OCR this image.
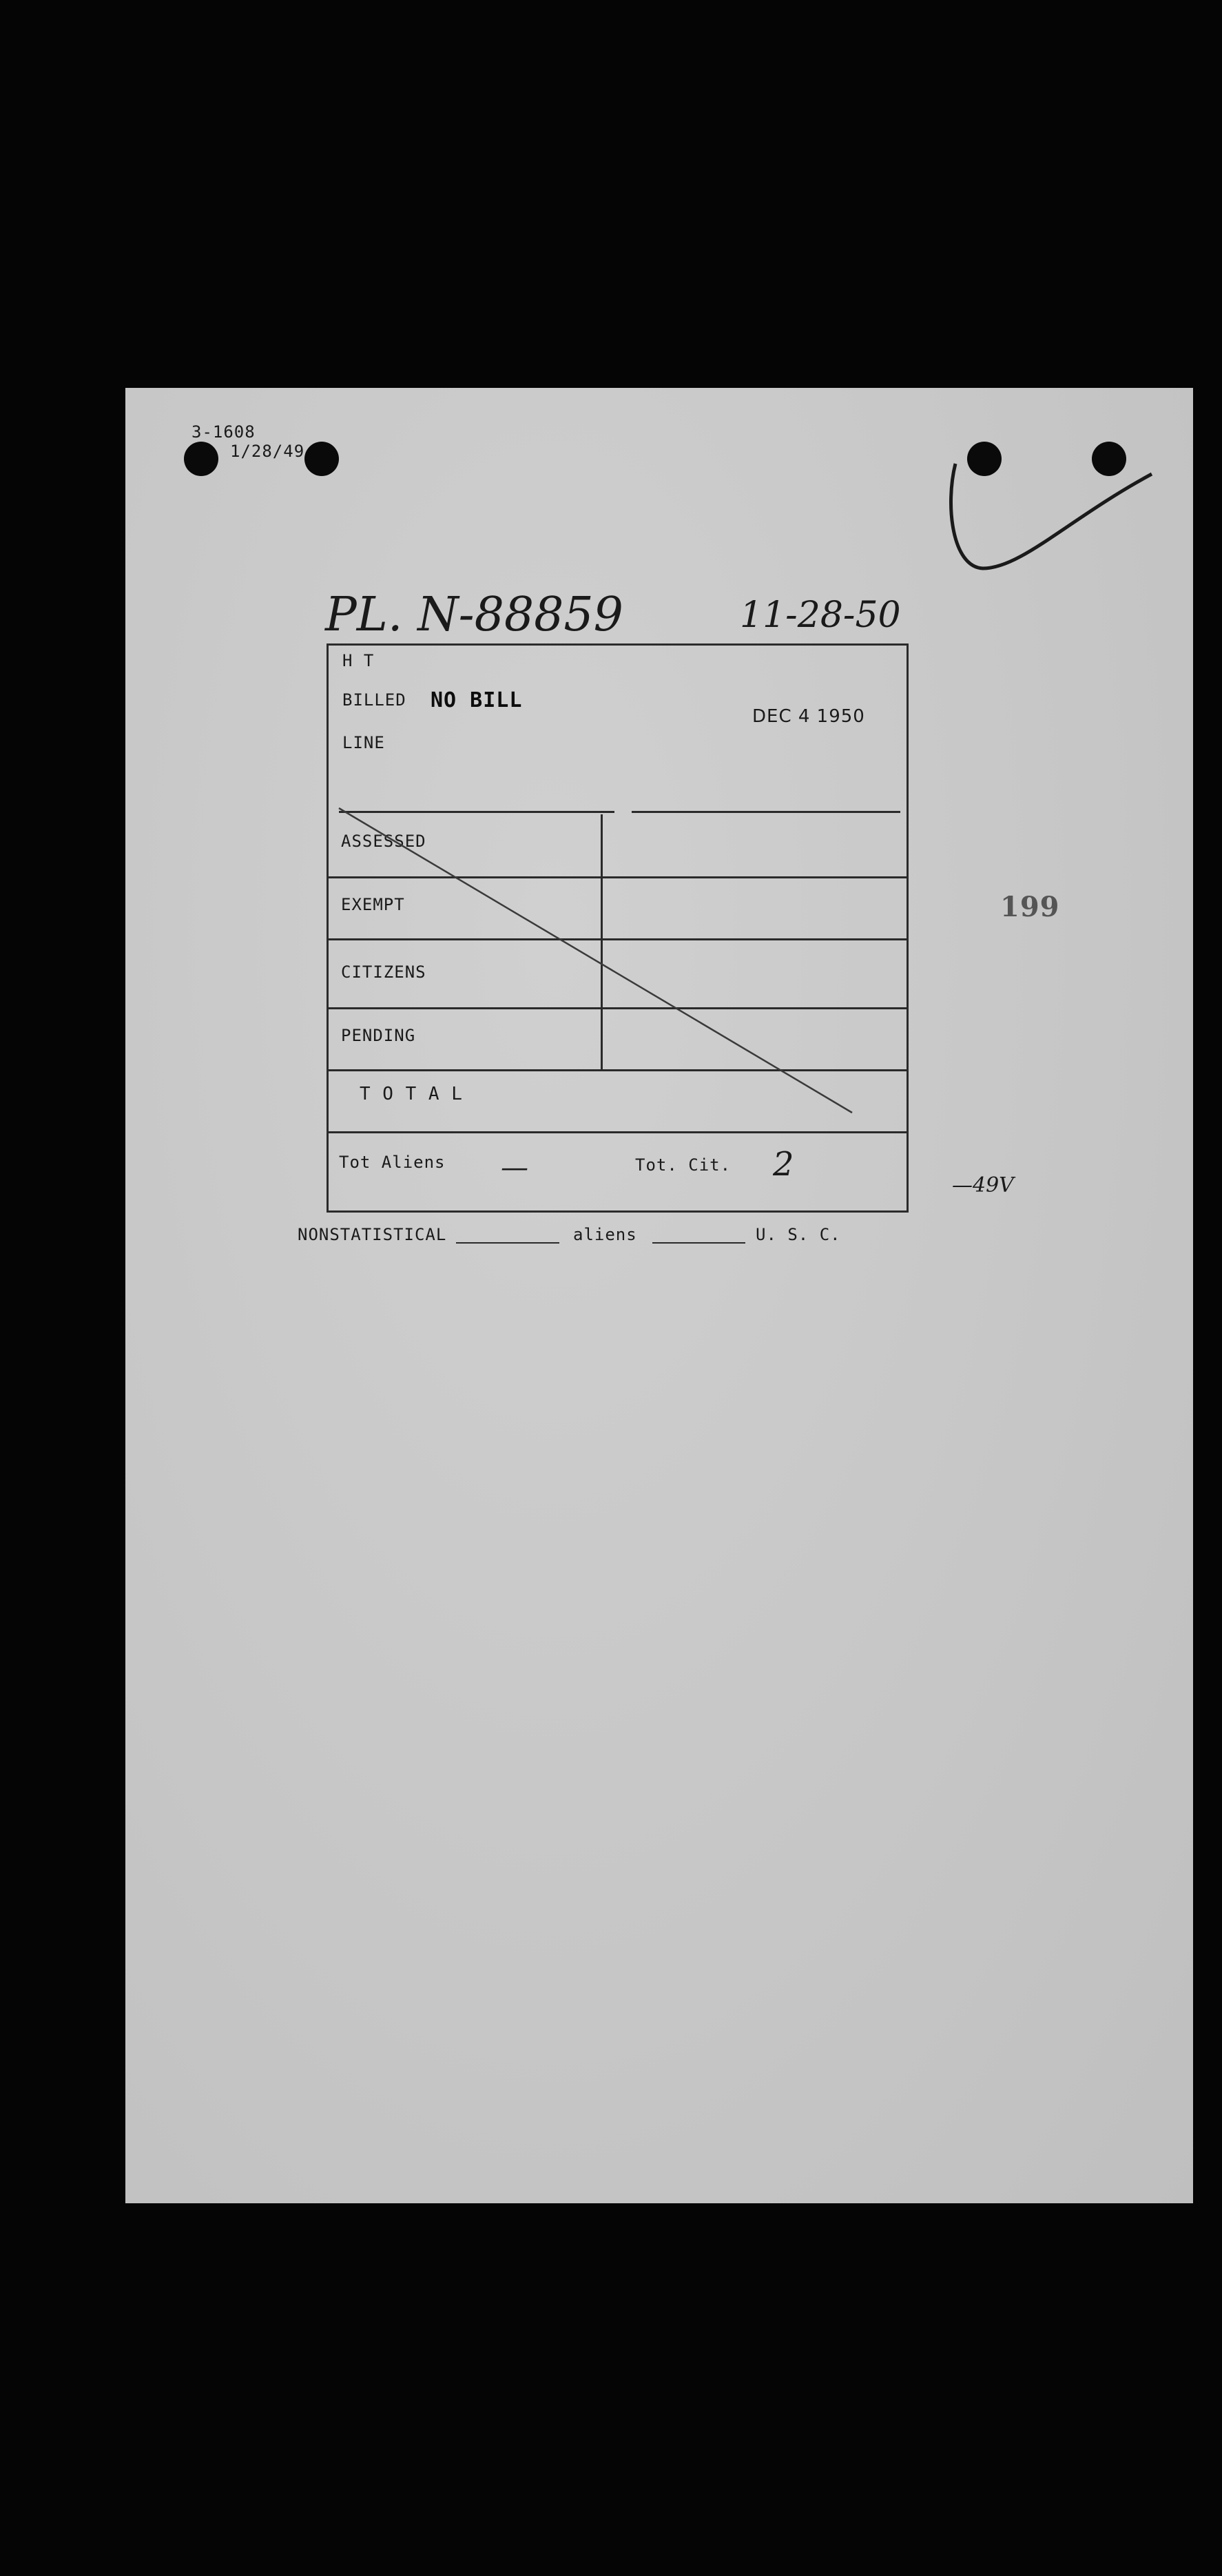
3-1608
1/28/49
PL. N-88859	11-28-50
199
—49V
H T
BILLED NO BILL
DEC 4 1950
LINE
ASSESSED
EXEMPT
CITIZENS
PENDING
T O T A L
Tot Aliens —	Tot. Cit. 2
NONSTATISTICAL	aliens	U. S. C.
